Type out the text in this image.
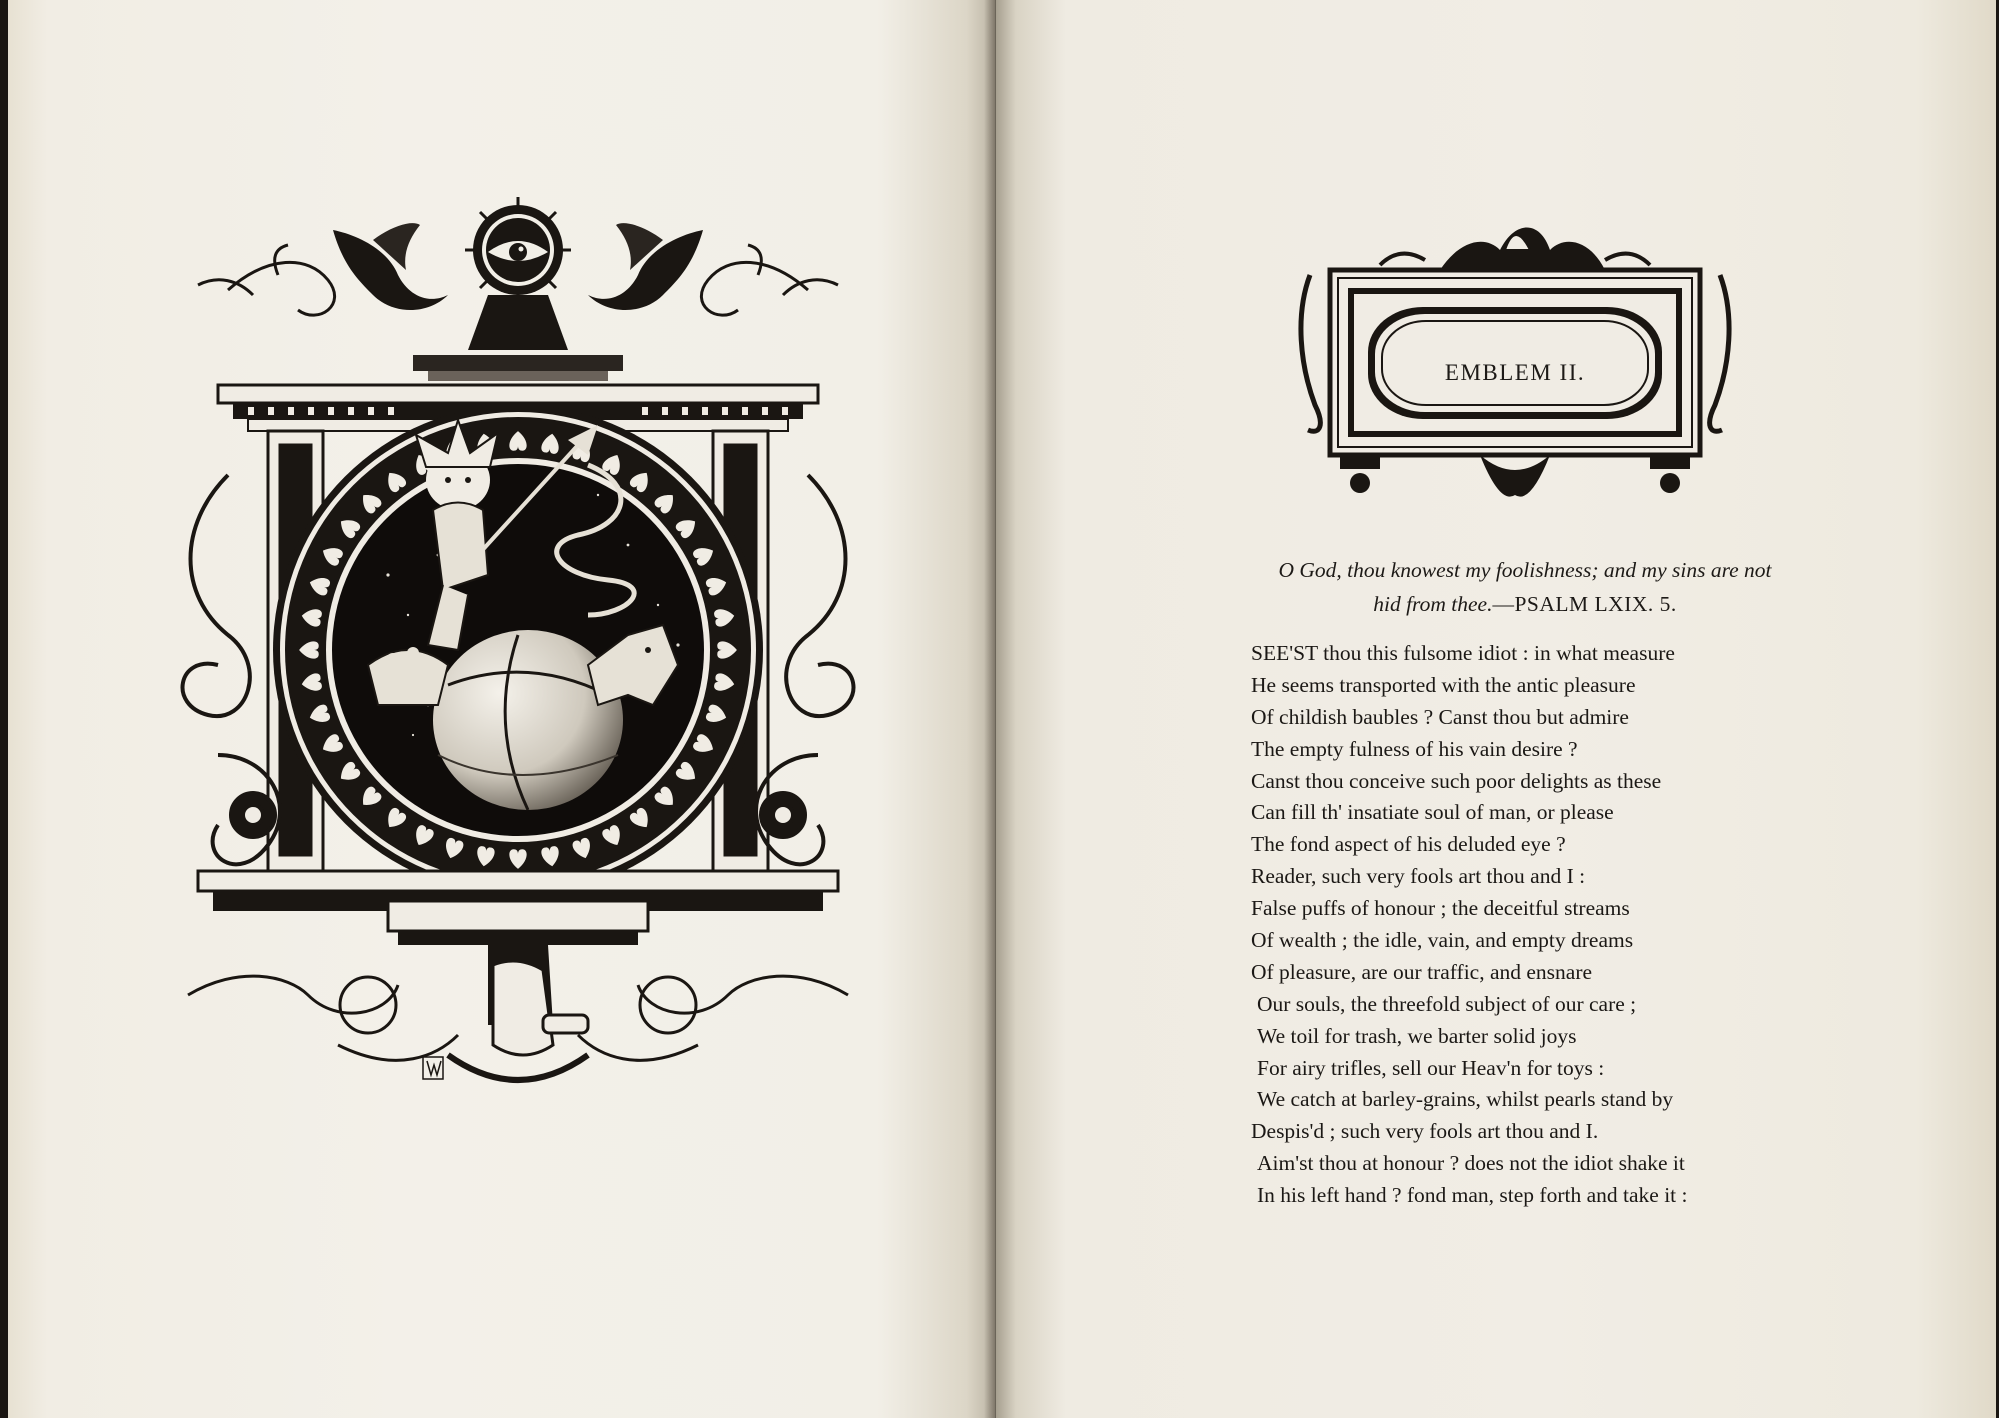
EMBLEM II.
O God, thou knowest my foolishness; and my sins are not
hid from thee.—PSALM LXIX. 5.
SEE'ST thou this fulsome idiot : in what measure
He seems transported with the antic pleasure
Of childish baubles ? Canst thou but admire
The empty fulness of his vain desire ?
Canst thou conceive such poor delights as these
Can fill th' insatiate soul of man, or please
The fond aspect of his deluded eye ?
Reader, such very fools art thou and I :
False puffs of honour ; the deceitful streams
Of wealth ; the idle, vain, and empty dreams
Of pleasure, are our traffic, and ensnare
Our souls, the threefold subject of our care ;
We toil for trash, we barter solid joys
For airy trifles, sell our Heav'n for toys :
We catch at barley-grains, whilst pearls stand by
Despis'd ; such very fools art thou and I.
Aim'st thou at honour ? does not the idiot shake it
In his left hand ? fond man, step forth and take it :
